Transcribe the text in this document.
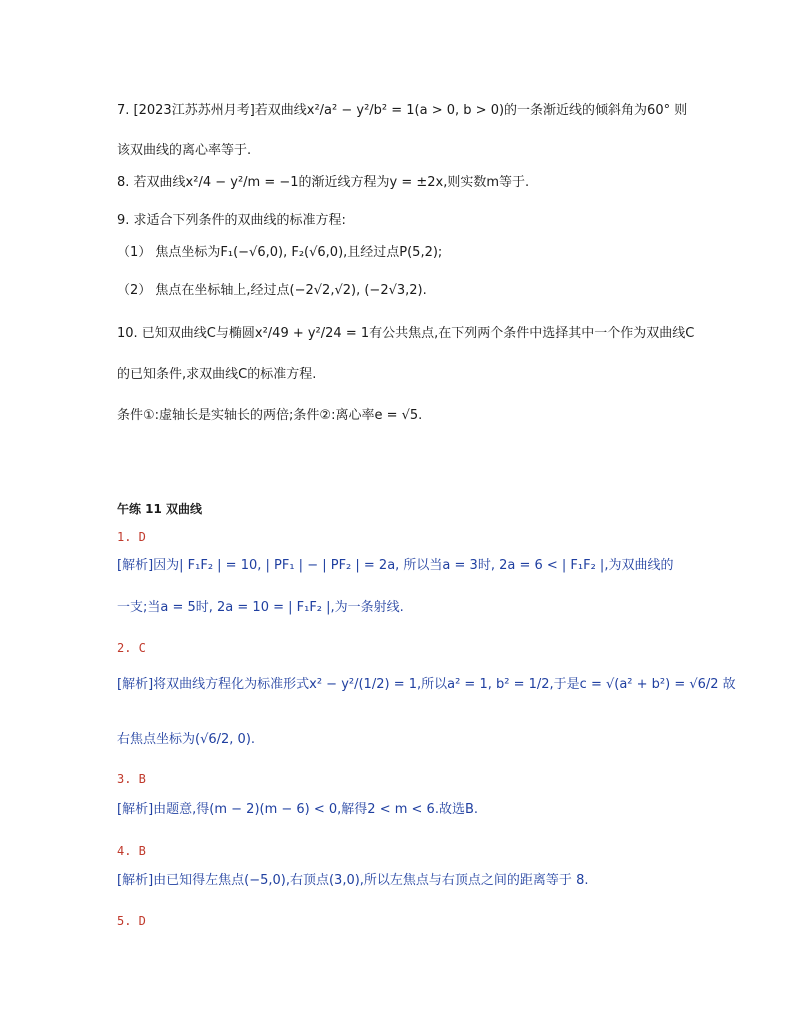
7. [2023江苏苏州月考]若双曲线x²/a² − y²/b² = 1(a > 0, b > 0)的一条渐近线的倾斜角为60° 则
该双曲线的离心率等于.
8. 若双曲线x²/4 − y²/m = −1的渐近线方程为y = ±2x,则实数m等于.
9. 求适合下列条件的双曲线的标准方程:
（1） 焦点坐标为F₁(−√6,0), F₂(√6,0),且经过点P(5,2);
（2） 焦点在坐标轴上,经过点(−2√2,√2), (−2√3,2).
10. 已知双曲线C与椭圆x²/49 + y²/24 = 1有公共焦点,在下列两个条件中选择其中一个作为双曲线C
的已知条件,求双曲线C的标准方程.
条件①:虚轴长是实轴长的两倍;条件②:离心率e = √5.
午练 11 双曲线
1. D
[解析]因为| F₁F₂ | = 10, | PF₁ | − | PF₂ | = 2a, 所以当a = 3时, 2a = 6 < | F₁F₂ |,为双曲线的
一支;当a = 5时, 2a = 10 = | F₁F₂ |,为一条射线.
2. C
[解析]将双曲线方程化为标准形式x² − y²/(1/2) = 1,所以a² = 1, b² = 1/2,于是c = √(a² + b²) = √6/2 故
右焦点坐标为(√6/2, 0).
3. B
[解析]由题意,得(m − 2)(m − 6) < 0,解得2 < m < 6.故选B.
4. B
[解析]由已知得左焦点(−5,0),右顶点(3,0),所以左焦点与右顶点之间的距离等于 8.
5. D
